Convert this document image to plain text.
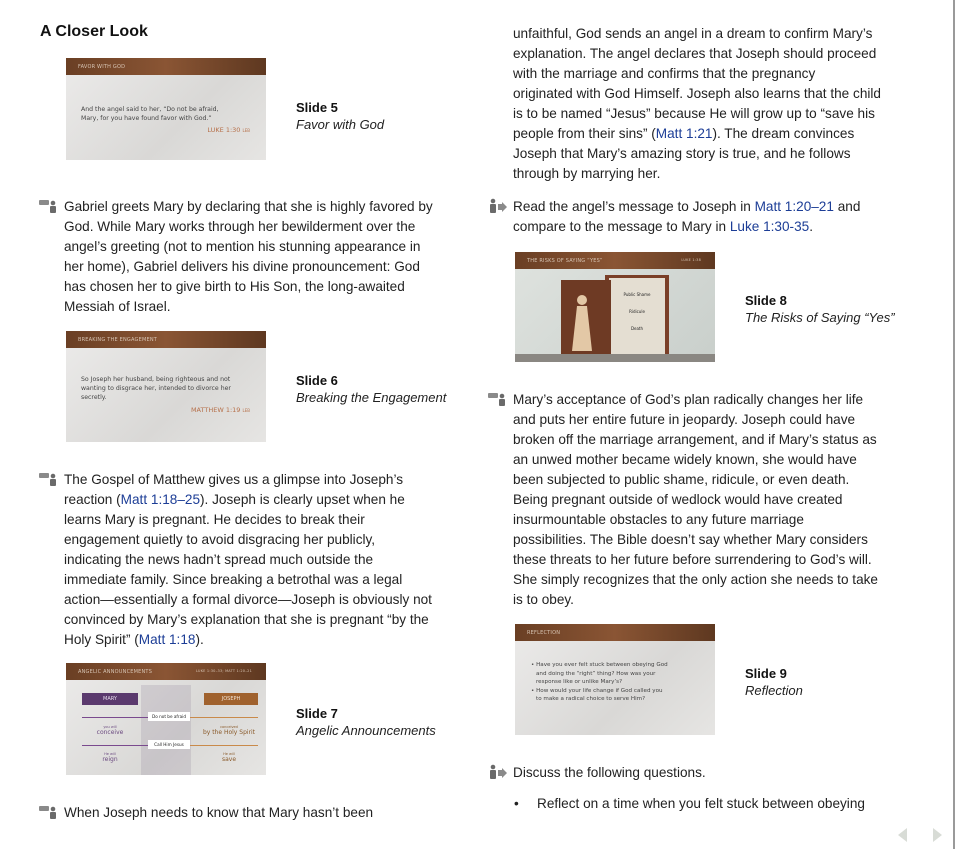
A Closer Look
FAVOR WITH GOD
And the angel said to her, “Do not be afraid,
Mary, for you have found favor with God.”
LUKE 1:30 LEB
Slide 5
Favor with God
BREAKING THE ENGAGEMENT
So Joseph her husband, being righteous and not
wanting to disgrace her, intended to divorce her
secretly.
MATTHEW 1:19 LEB
Slide 6
Breaking the Engagement
ANGELIC ANNOUNCEMENTS	LUKE 1:30–33; MATT 1:20–21
MARY	JOSEPH
Do not be afraid
you will
conceive
conceived
by the Holy Spirit
Call Him Jesus
He will
reign
He will
save
Slide 7
Angelic Announcements
THE RISKS OF SAYING “YES”	LUKE 1:38
Public Shame
Ridicule
Death
Slide 8
The Risks of Saying “Yes”
REFLECTION
• Have you ever felt stuck between obeying God
and doing the “right” thing? How was your
response like or unlike Mary’s?
• How would your life change if God called you
to make a radical choice to serve Him?
Slide 9
Reflection
Gabriel greets Mary by declaring that she is highly favored by
God. While Mary works through her bewilderment over the
angel’s greeting (not to mention his stunning appearance in
her home), Gabriel delivers his divine pronouncement: God
has chosen her to give birth to His Son, the long-awaited
Messiah of Israel.
The Gospel of Matthew gives us a glimpse into Joseph’s
reaction (Matt 1:18–25). Joseph is clearly upset when he
learns Mary is pregnant. He decides to break their
engagement quietly to avoid disgracing her publicly,
indicating the news hadn’t spread much outside the
immediate family. Since breaking a betrothal was a legal
action—essentially a formal divorce—Joseph is obviously not
convinced by Mary’s explanation that she is pregnant “by the
Holy Spirit” (Matt 1:18).
When Joseph needs to know that Mary hasn’t been
unfaithful, God sends an angel in a dream to confirm Mary’s
explanation. The angel declares that Joseph should proceed
with the marriage and confirms that the pregnancy
originated with God Himself. Joseph also learns that the child
is to be named “Jesus” because He will grow up to “save his
people from their sins” (Matt 1:21). The dream convinces
Joseph that Mary’s amazing story is true, and he follows
through by marrying her.
Read the angel’s message to Joseph in Matt 1:20–21 and
compare to the message to Mary in Luke 1:30-35.
Mary’s acceptance of God’s plan radically changes her life
and puts her entire future in jeopardy. Joseph could have
broken off the marriage arrangement, and if Mary’s status as
an unwed mother became widely known, she would have
been subjected to public shame, ridicule, or even death.
Being pregnant outside of wedlock would have created
insurmountable obstacles to any future marriage
possibilities. The Bible doesn’t say whether Mary considers
these threats to her future before surrendering to God’s will.
She simply recognizes that the only action she needs to take
is to obey.
Discuss the following questions.
• Reflect on a time when you felt stuck between obeying
